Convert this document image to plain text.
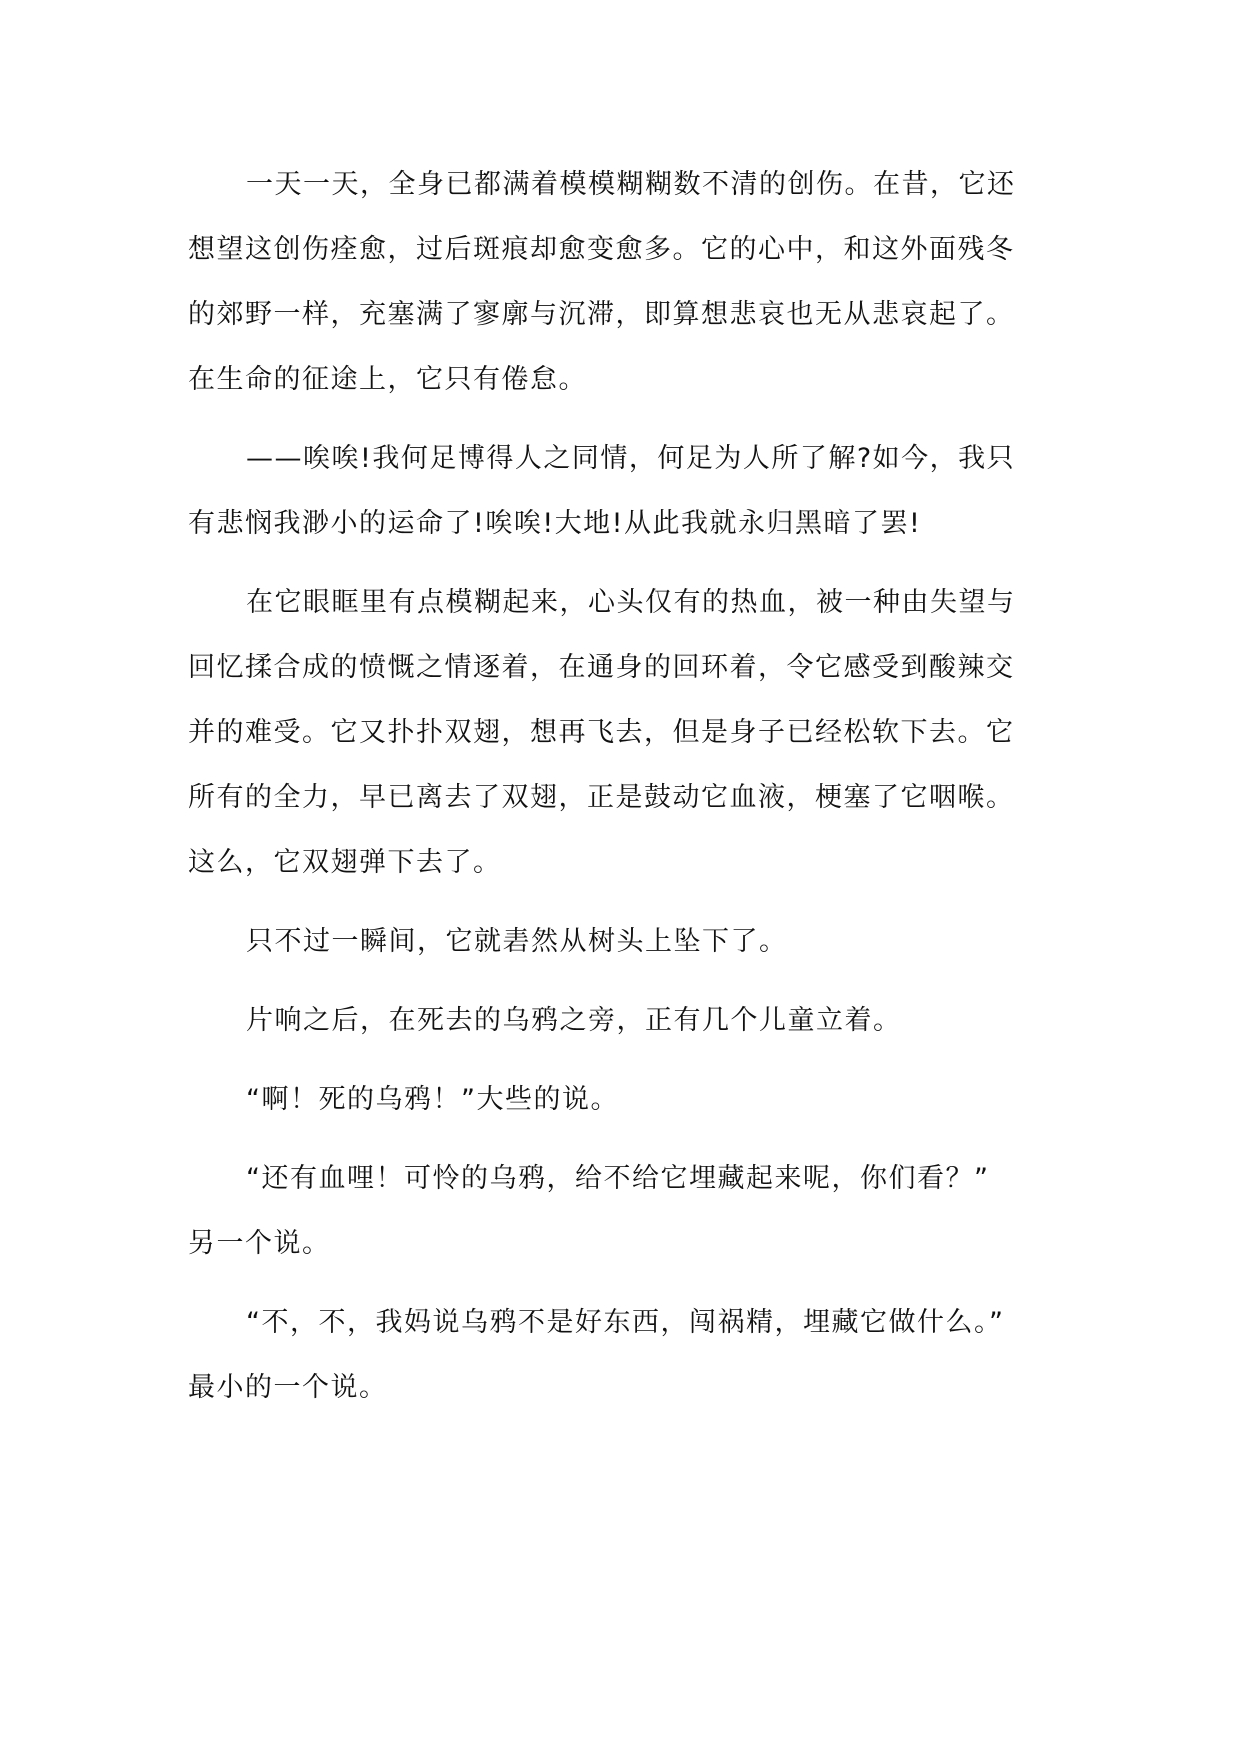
一天一天，全身已都满着模模糊糊数不清的创伤。在昔，它还
想望这创伤痊愈，过后斑痕却愈变愈多。它的心中，和这外面残冬
的郊野一样，充塞满了寥廓与沉滞，即算想悲哀也无从悲哀起了。
在生命的征途上，它只有倦怠。

——唉唉!我何足博得人之同情，何足为人所了解?如今，我只
有悲悯我渺小的运命了!唉唉!大地!从此我就永归黑暗了罢!

在它眼眶里有点模糊起来，心头仅有的热血，被一种由失望与
回忆揉合成的愤慨之情逐着，在通身的回环着，令它感受到酸辣交
并的难受。它又扑扑双翅，想再飞去，但是身子已经松软下去。它
所有的全力，早已离去了双翅，正是鼓动它血液，梗塞了它咽喉。
这么，它双翅弹下去了。

只不过一瞬间，它就砉然从树头上坠下了。

片响之后，在死去的乌鸦之旁，正有几个儿童立着。

“啊！死的乌鸦！”大些的说。

“还有血哩！可怜的乌鸦，给不给它埋藏起来呢，你们看？”
另一个说。

“不，不，我妈说乌鸦不是好东西，闯祸精，埋藏它做什么。”
最小的一个说。
